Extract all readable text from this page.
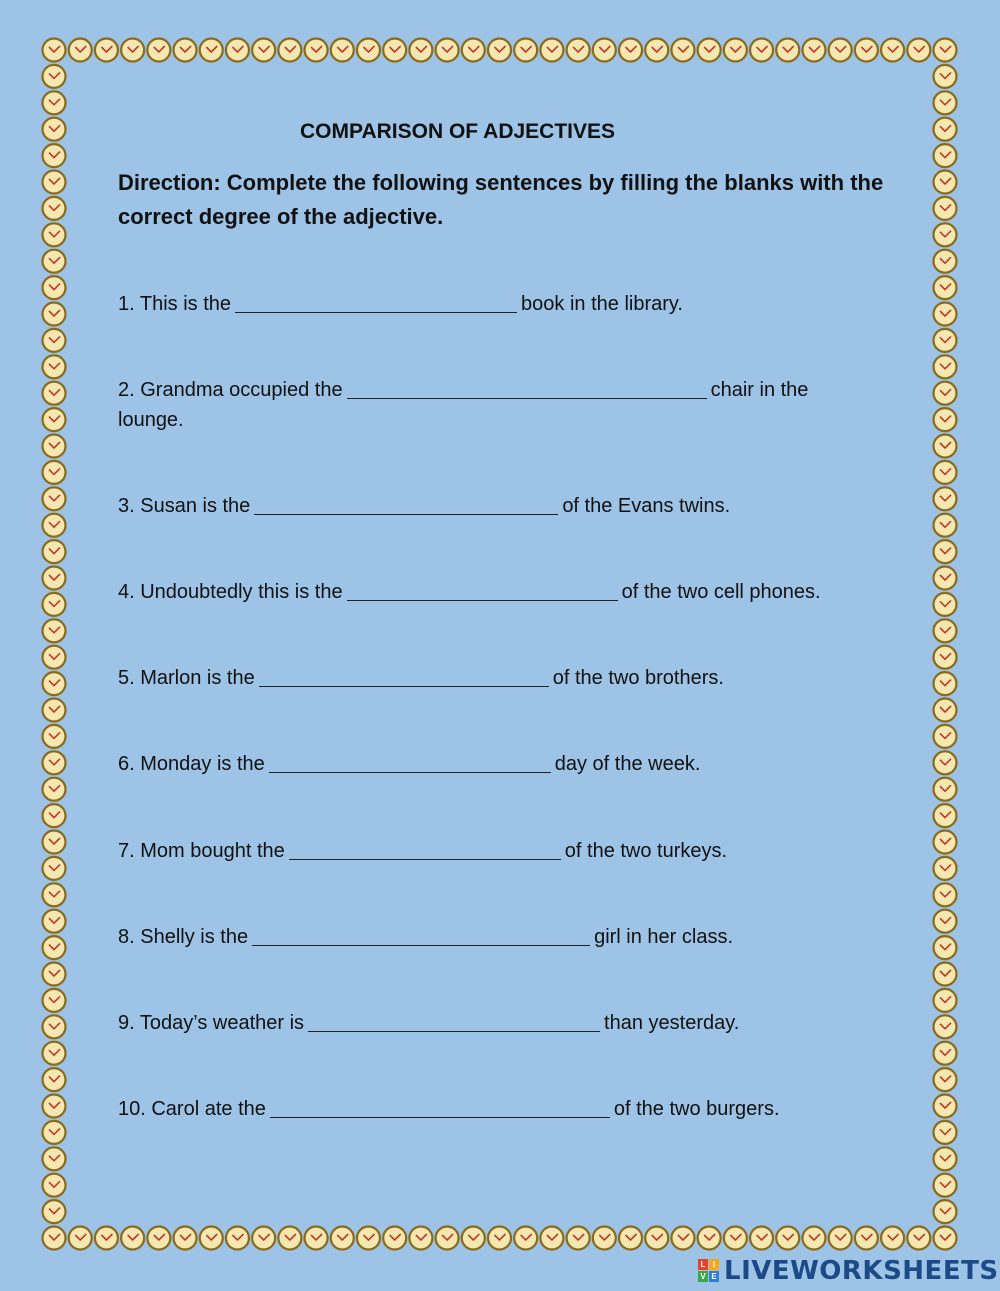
COMPARISON OF ADJECTIVES
Direction: Complete the following sentences by filling the blanks with the correct degree of the adjective.
1. This is the	book in the library.
2. Grandma occupied the	chair in the lounge.
3. Susan is the	of the Evans twins.
4. Undoubtedly this is the	of the two cell phones.
5. Marlon is the	of the two brothers.
6. Monday is the	day of the week.
7. Mom bought the	of the two turkeys.
8. Shelly is the	girl in her class.
9. Today’s weather is	than yesterday.
10. Carol ate the	of the two burgers.
L I
V E LIVEWORKSHEETS
